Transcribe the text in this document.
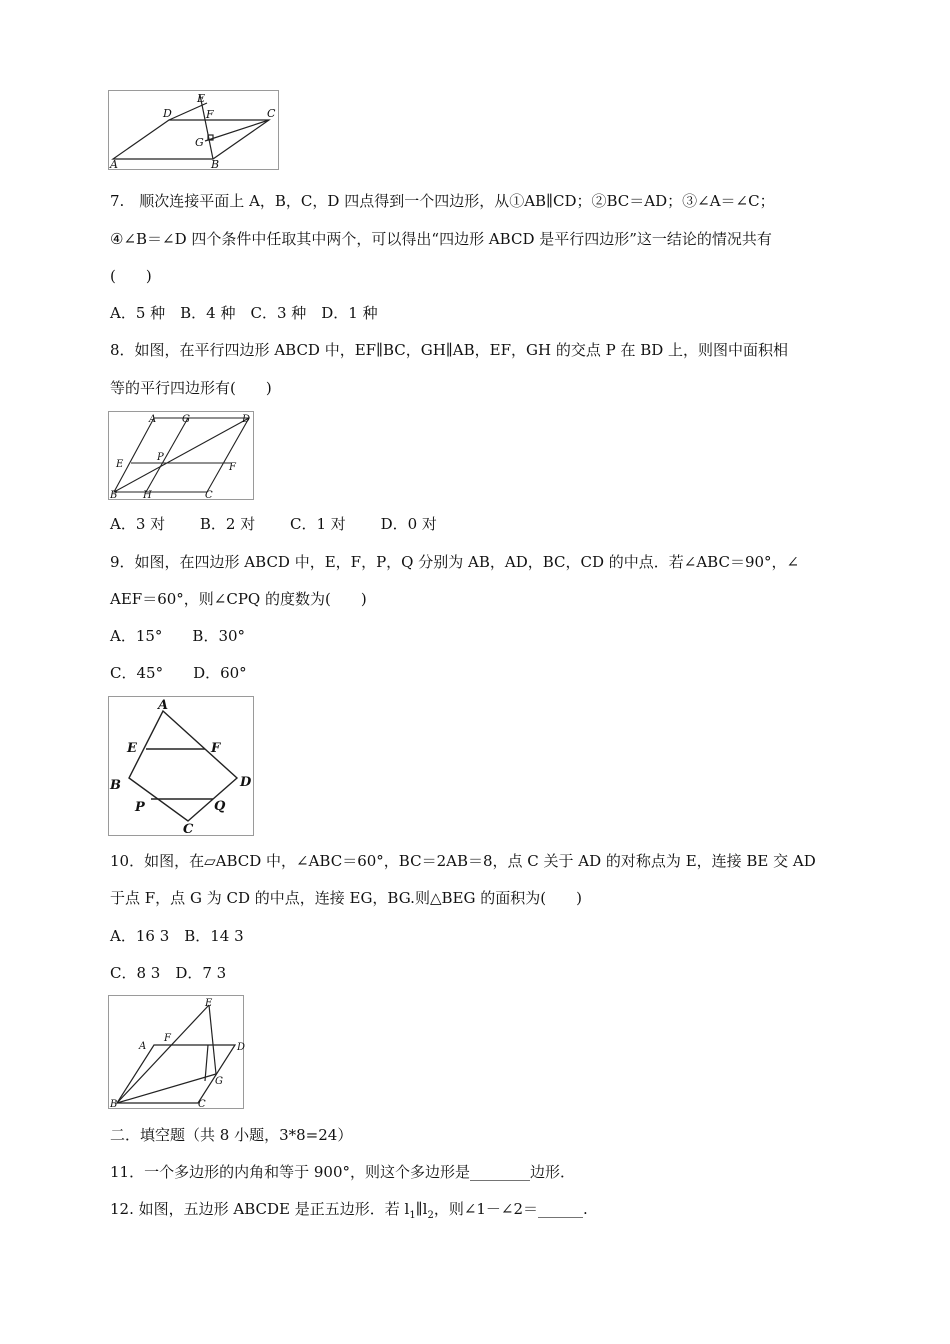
E
D	F	C
G
A	B
7.　顺次连接平面上 A，B，C，D 四点得到一个四边形，从①AB∥CD；②BC＝AD；③∠A＝∠C；
④∠B＝∠D 四个条件中任取其中两个，可以得出“四边形 ABCD 是平行四边形”这一结论的情况共有
(　　)
A．5 种　B．4 种　C．3 种　D．1 种
8．如图，在平行四边形 ABCD 中，EF∥BC，GH∥AB，EF，GH 的交点 P 在 BD 上，则图中面积相
等的平行四边形有(　　)
A	G	D
E
P
F
B	H	C
A．3 对　　 B．2 对　　 C．1 对　　 D．0 对
9．如图，在四边形 ABCD 中，E，F，P，Q 分别为 AB，AD，BC，CD 的中点．若∠ABC＝90°，∠
AEF＝60°，则∠CPQ 的度数为(　　)
A．15°　　B．30°
C．45°　　D．60°
A
E	F
B	D
P	Q
C
10．如图，在▱ABCD 中，∠ABC＝60°，BC＝2AB＝8，点 C 关于 AD 的对称点为 E，连接 BE 交 AD
于点 F，点 G 为 CD 的中点，连接 EG，BG.则△BEG 的面积为(　　)
A．16 3　B．14 3
C．8 3　D．7 3
E
A
F
D
G
B	C
二．填空题（共 8 小题，3*8=24）
11．一个多边形的内角和等于 900°，则这个多边形是________边形．
12. 如图，五边形 ABCDE 是正五边形．若 $l_1\parallel l_2$，则∠1－∠2＝______.
